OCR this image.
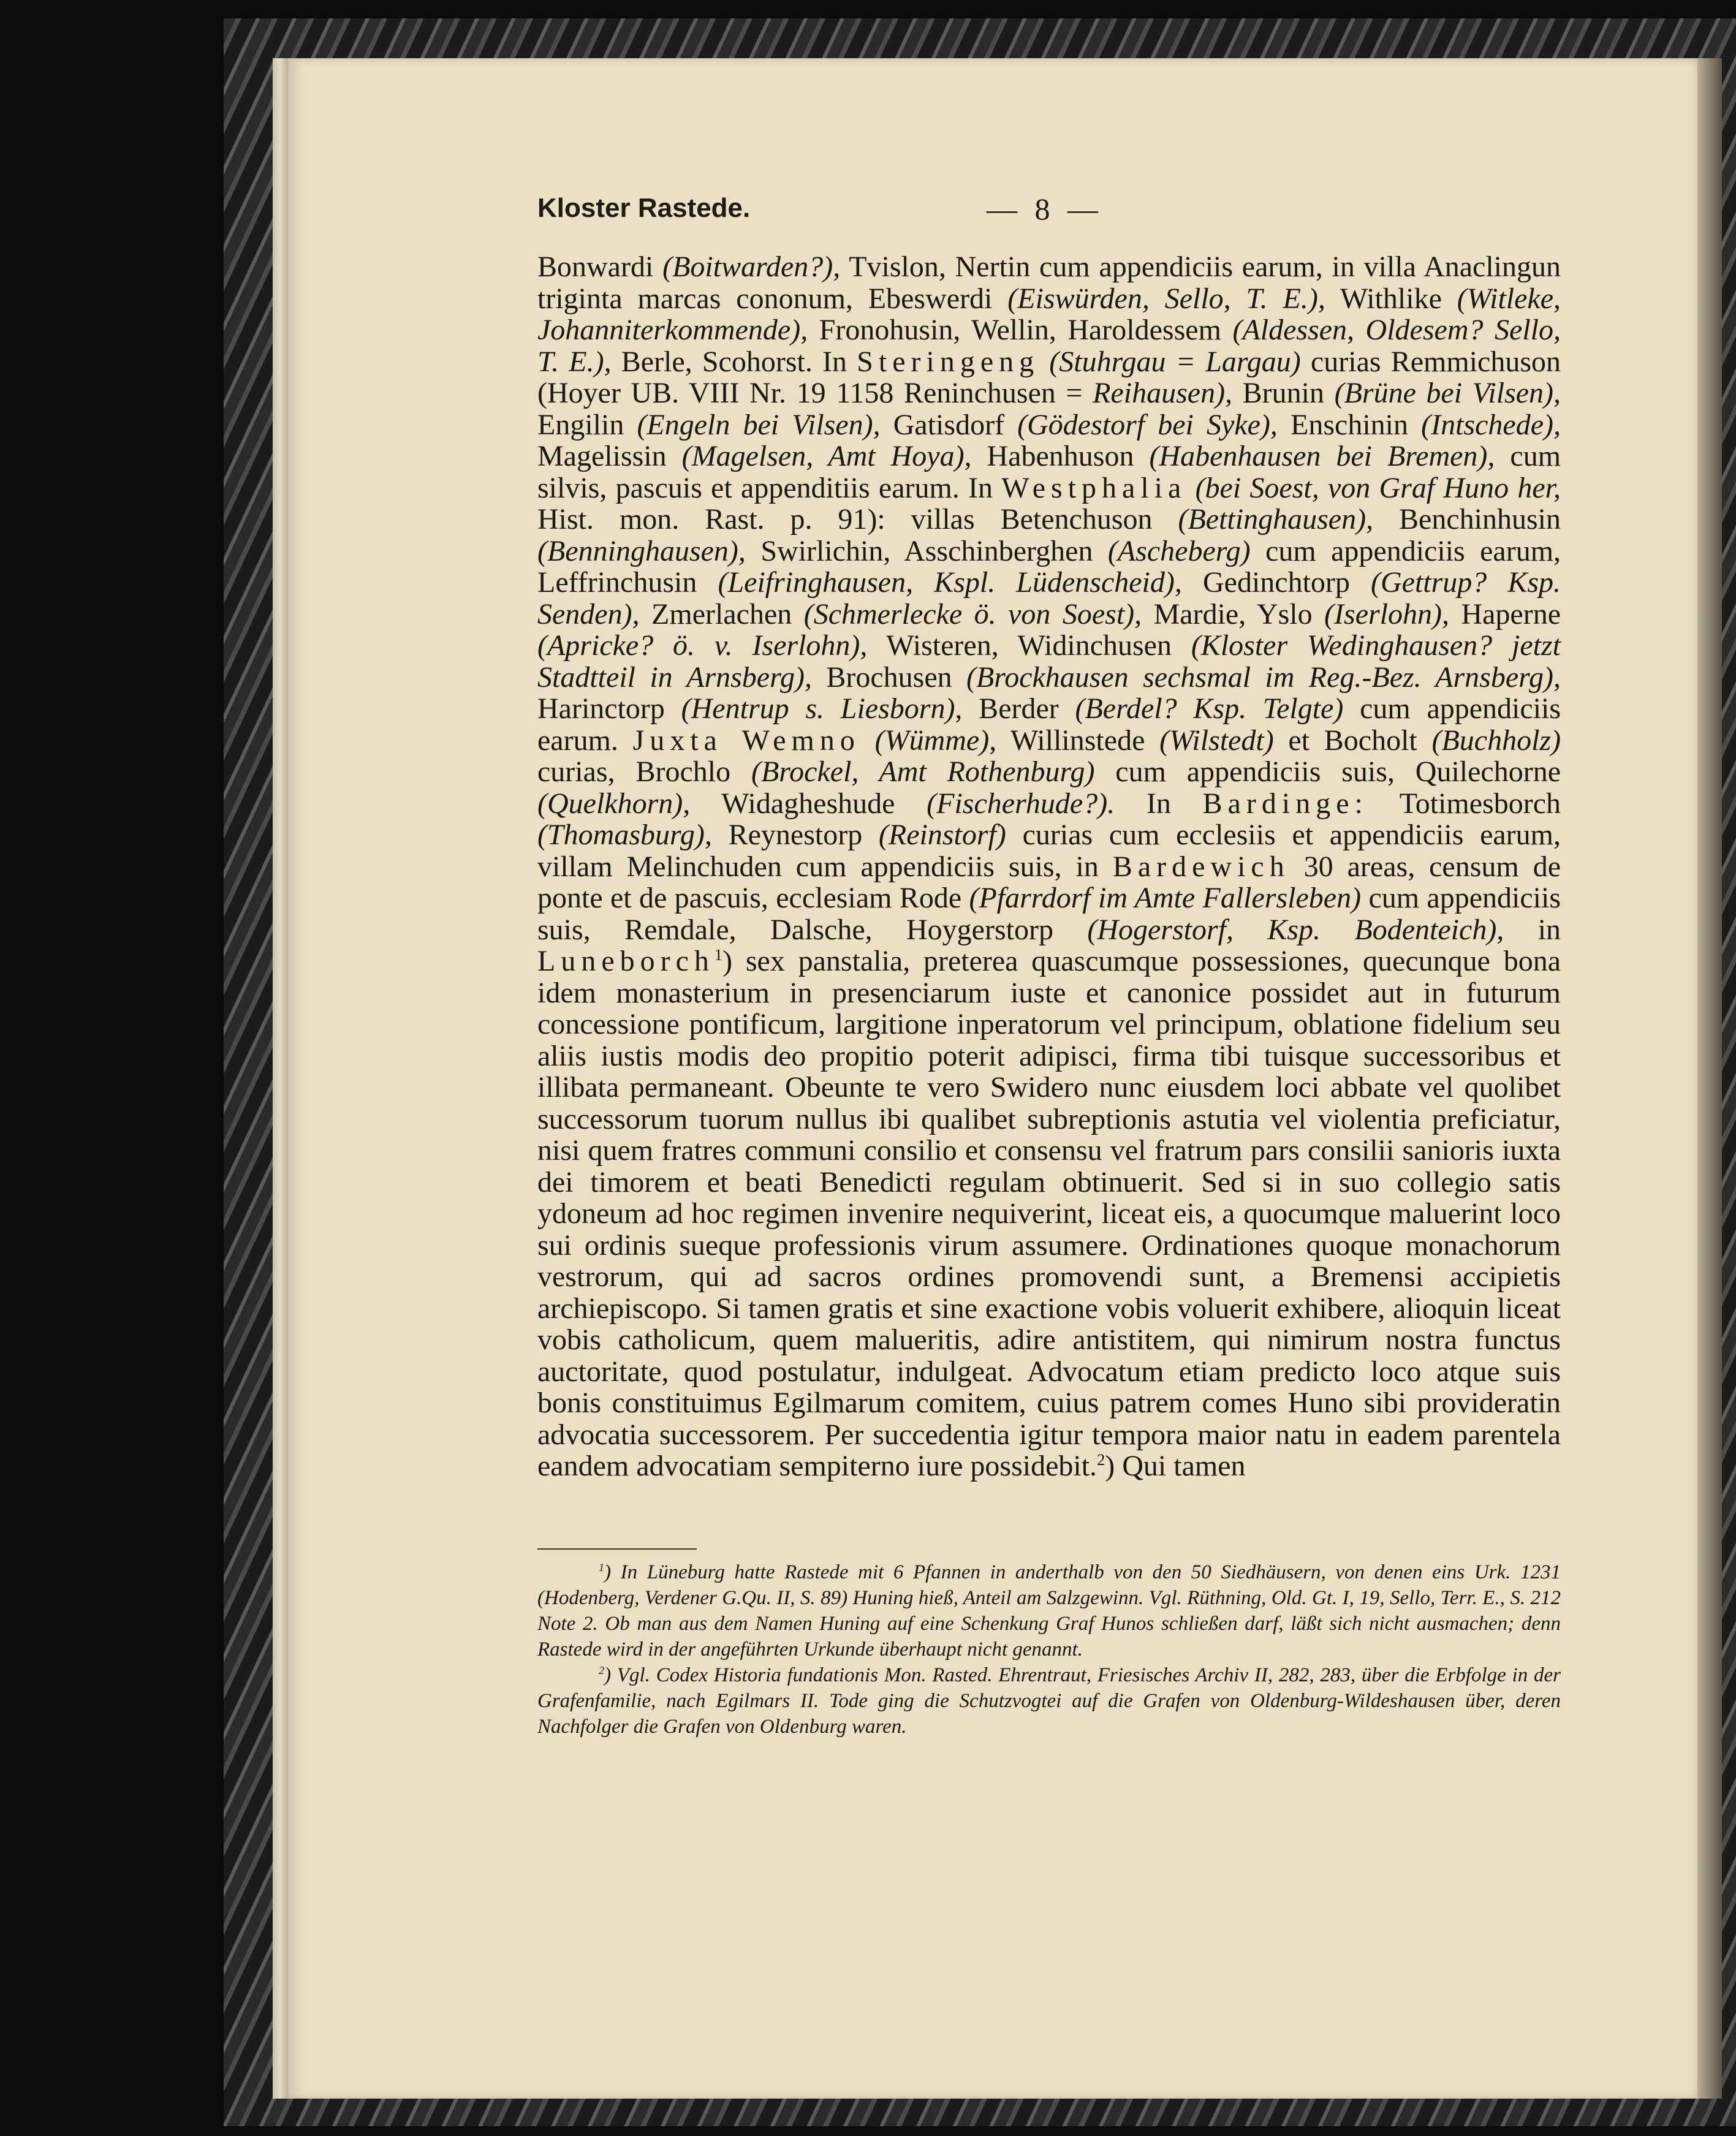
Kloster Rastede.	— 8 —

Bonwardi (Boitwarden?), Tvislon, Nertin cum appendiciis earum, in villa Anaclingun triginta marcas cononum, Ebeswerdi (Eiswürden, Sello, T. E.), Withlike (Witleke, Johanniterkommende), Fronohusin, Wellin, Haroldessem (Aldessen, Oldesem? Sello, T. E.), Berle, Scohorst. In Steringeng (Stuhrgau = Largau) curias Remmichuson (Hoyer UB. VIII Nr. 19 1158 Reninchusen = Reihausen), Brunin (Brüne bei Vilsen), Engilin (Engeln bei Vilsen), Gatisdorf (Gödestorf bei Syke), Enschinin (Intschede), Magelissin (Magelsen, Amt Hoya), Habenhuson (Habenhausen bei Bremen), cum silvis, pascuis et appenditiis earum. In Westphalia (bei Soest, von Graf Huno her, Hist. mon. Rast. p. 91): villas Betenchuson (Bettinghausen), Benchinhusin (Benninghausen), Swirlichin, Asschinberghen (Ascheberg) cum appendiciis earum, Leffrinchusin (Leifringhausen, Kspl. Lüdenscheid), Gedinchtorp (Gettrup? Ksp. Senden), Zmerlachen (Schmerlecke ö. von Soest), Mardie, Yslo (Iserlohn), Haperne (Apricke? ö. v. Iserlohn), Wisteren, Widinchusen (Kloster Wedinghausen? jetzt Stadtteil in Arnsberg), Brochusen (Brockhausen sechsmal im Reg.-Bez. Arnsberg), Harinctorp (Hentrup s. Liesborn), Berder (Berdel? Ksp. Telgte) cum appendiciis earum. Juxta Wemno (Wümme), Willinstede (Wilstedt) et Bocholt (Buchholz) curias, Brochlo (Brockel, Amt Rothenburg) cum appendiciis suis, Quilechorne (Quelkhorn), Widagheshude (Fischerhude?). In Bardinge: Totimesborch (Thomasburg), Reynestorp (Reinstorf) curias cum ecclesiis et appendiciis earum, villam Melinchuden cum appendiciis suis, in Bardewich 30 areas, censum de ponte et de pascuis, ecclesiam Rode (Pfarrdorf im Amte Fallersleben) cum appendiciis suis, Remdale, Dalsche, Hoygerstorp (Hogerstorf, Ksp. Bodenteich), in Luneborch$^1$) sex panstalia, preterea quascumque possessiones, quecunque bona idem monasterium in presenciarum iuste et canonice possidet aut in futurum concessione pontificum, largitione inperatorum vel principum, oblatione fidelium seu aliis iustis modis deo propitio poterit adipisci, firma tibi tuisque successoribus et illibata permaneant. Obeunte te vero Swidero nunc eiusdem loci abbate vel quolibet successorum tuorum nullus ibi qualibet subreptionis astutia vel violentia preficiatur, nisi quem fratres communi consilio et consensu vel fratrum pars consilii sanioris iuxta dei timorem et beati Benedicti regulam obtinuerit. Sed si in suo collegio satis ydoneum ad hoc regimen invenire nequiverint, liceat eis, a quocumque maluerint loco sui ordinis sueque professionis virum assumere. Ordinationes quoque monachorum vestrorum, qui ad sacros ordines promovendi sunt, a Bremensi accipietis archiepiscopo. Si tamen gratis et sine exactione vobis voluerit exhibere, alioquin liceat vobis catholicum, quem malueritis, adire antistitem, qui nimirum nostra functus auctoritate, quod postulatur, indulgeat. Advocatum etiam predicto loco atque suis bonis constituimus Egilmarum comitem, cuius patrem comes Huno sibi provideratin advocatia successorem. Per succedentia igitur tempora maior natu in eadem parentela eandem advocatiam sempiterno iure possidebit.$^2$) Qui tamen

$^1$) In Lüneburg hatte Rastede mit 6 Pfannen in anderthalb von den 50 Siedhäusern, von denen eins Urk. 1231 (Hodenberg, Verdener G.Qu. II, S. 89) Huning hieß, Anteil am Salzgewinn. Vgl. Rüthning, Old. Gt. I, 19, Sello, Terr. E., S. 212 Note 2. Ob man aus dem Namen Huning auf eine Schenkung Graf Hunos schließen darf, läßt sich nicht ausmachen; denn Rastede wird in der angeführten Urkunde überhaupt nicht genannt.

$^2$) Vgl. Codex Historia fundationis Mon. Rasted. Ehrentraut, Friesisches Archiv II, 282, 283, über die Erbfolge in der Grafenfamilie, nach Egilmars II. Tode ging die Schutzvogtei auf die Grafen von Oldenburg-Wildeshausen über, deren Nachfolger die Grafen von Oldenburg waren.
